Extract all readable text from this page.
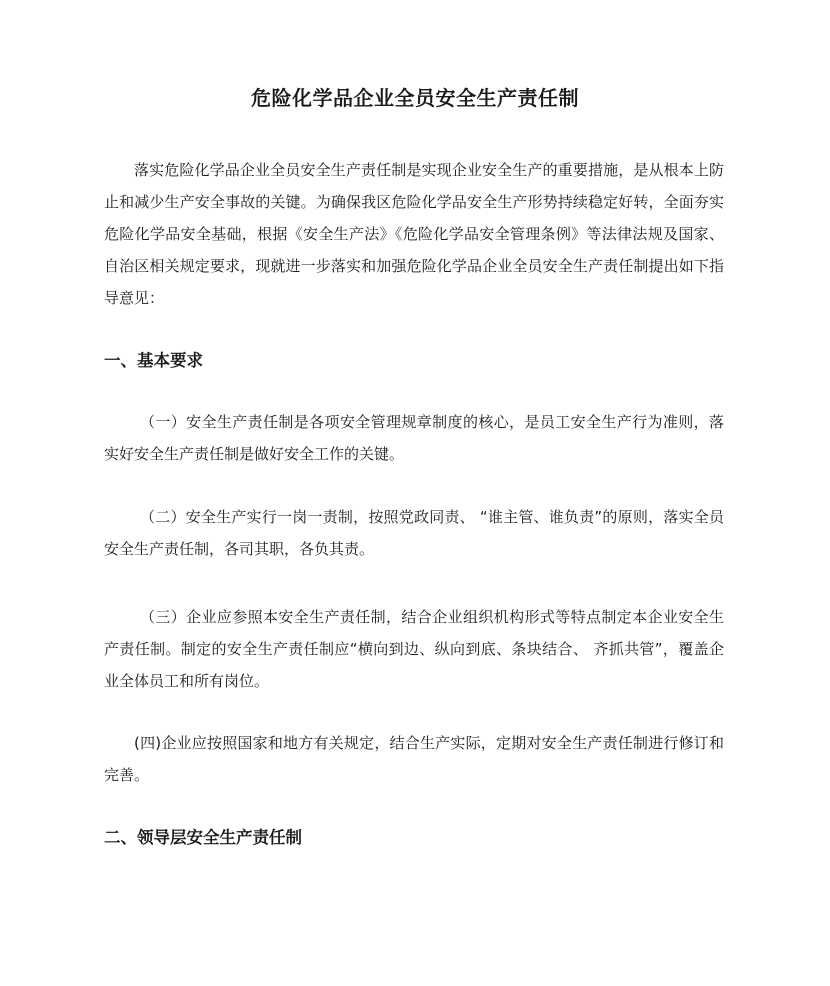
危险化学品企业全员安全生产责任制

落实危险化学品企业全员安全生产责任制是实现企业安全生产的重要措施，是从根本上防止和减少生产安全事故的关键。为确保我区危险化学品安全生产形势持续稳定好转，全面夯实危险化学品安全基础，根据《安全生产法》《危险化学品安全管理条例》等法律法规及国家、自治区相关规定要求，现就进一步落实和加强危险化学品企业全员安全生产责任制提出如下指导意见：

一、基本要求

（一）安全生产责任制是各项安全管理规章制度的核心，是员工安全生产行为准则，落实好安全生产责任制是做好安全工作的关键。

（二）安全生产实行一岗一责制，按照党政同责、 “谁主管、谁负责”的原则，落实全员安全生产责任制，各司其职，各负其责。

（三）企业应参照本安全生产责任制，结合企业组织机构形式等特点制定本企业安全生产责任制。制定的安全生产责任制应“横向到边、纵向到底、条块结合、 齐抓共管”，覆盖企业全体员工和所有岗位。

(四)企业应按照国家和地方有关规定，结合生产实际，定期对安全生产责任制进行修订和完善。

二、领导层安全生产责任制
